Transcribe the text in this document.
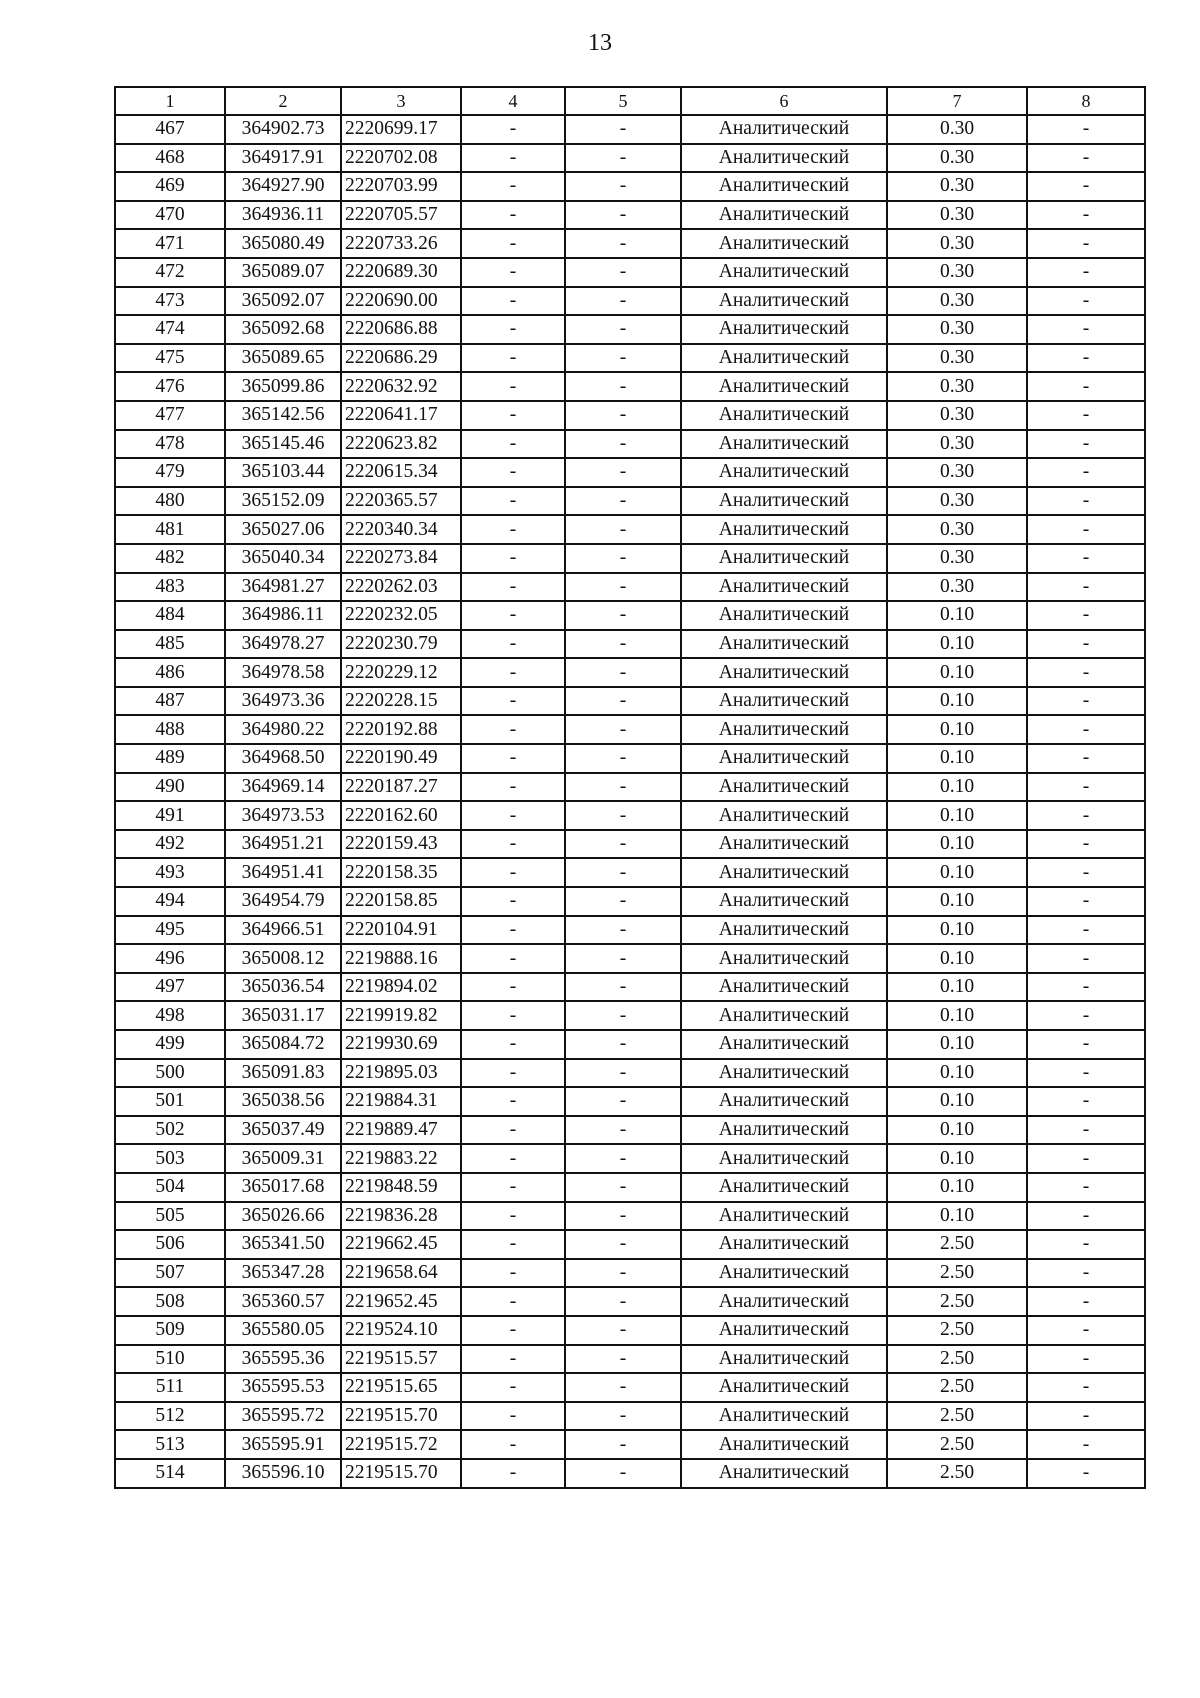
13
1	2	3	4	5	6	7	8
467	364902.73	2220699.17	-	-	Аналитический	0.30	-
468	364917.91	2220702.08	-	-	Аналитический	0.30	-
469	364927.90	2220703.99	-	-	Аналитический	0.30	-
470	364936.11	2220705.57	-	-	Аналитический	0.30	-
471	365080.49	2220733.26	-	-	Аналитический	0.30	-
472	365089.07	2220689.30	-	-	Аналитический	0.30	-
473	365092.07	2220690.00	-	-	Аналитический	0.30	-
474	365092.68	2220686.88	-	-	Аналитический	0.30	-
475	365089.65	2220686.29	-	-	Аналитический	0.30	-
476	365099.86	2220632.92	-	-	Аналитический	0.30	-
477	365142.56	2220641.17	-	-	Аналитический	0.30	-
478	365145.46	2220623.82	-	-	Аналитический	0.30	-
479	365103.44	2220615.34	-	-	Аналитический	0.30	-
480	365152.09	2220365.57	-	-	Аналитический	0.30	-
481	365027.06	2220340.34	-	-	Аналитический	0.30	-
482	365040.34	2220273.84	-	-	Аналитический	0.30	-
483	364981.27	2220262.03	-	-	Аналитический	0.30	-
484	364986.11	2220232.05	-	-	Аналитический	0.10	-
485	364978.27	2220230.79	-	-	Аналитический	0.10	-
486	364978.58	2220229.12	-	-	Аналитический	0.10	-
487	364973.36	2220228.15	-	-	Аналитический	0.10	-
488	364980.22	2220192.88	-	-	Аналитический	0.10	-
489	364968.50	2220190.49	-	-	Аналитический	0.10	-
490	364969.14	2220187.27	-	-	Аналитический	0.10	-
491	364973.53	2220162.60	-	-	Аналитический	0.10	-
492	364951.21	2220159.43	-	-	Аналитический	0.10	-
493	364951.41	2220158.35	-	-	Аналитический	0.10	-
494	364954.79	2220158.85	-	-	Аналитический	0.10	-
495	364966.51	2220104.91	-	-	Аналитический	0.10	-
496	365008.12	2219888.16	-	-	Аналитический	0.10	-
497	365036.54	2219894.02	-	-	Аналитический	0.10	-
498	365031.17	2219919.82	-	-	Аналитический	0.10	-
499	365084.72	2219930.69	-	-	Аналитический	0.10	-
500	365091.83	2219895.03	-	-	Аналитический	0.10	-
501	365038.56	2219884.31	-	-	Аналитический	0.10	-
502	365037.49	2219889.47	-	-	Аналитический	0.10	-
503	365009.31	2219883.22	-	-	Аналитический	0.10	-
504	365017.68	2219848.59	-	-	Аналитический	0.10	-
505	365026.66	2219836.28	-	-	Аналитический	0.10	-
506	365341.50	2219662.45	-	-	Аналитический	2.50	-
507	365347.28	2219658.64	-	-	Аналитический	2.50	-
508	365360.57	2219652.45	-	-	Аналитический	2.50	-
509	365580.05	2219524.10	-	-	Аналитический	2.50	-
510	365595.36	2219515.57	-	-	Аналитический	2.50	-
511	365595.53	2219515.65	-	-	Аналитический	2.50	-
512	365595.72	2219515.70	-	-	Аналитический	2.50	-
513	365595.91	2219515.72	-	-	Аналитический	2.50	-
514	365596.10	2219515.70	-	-	Аналитический	2.50	-
